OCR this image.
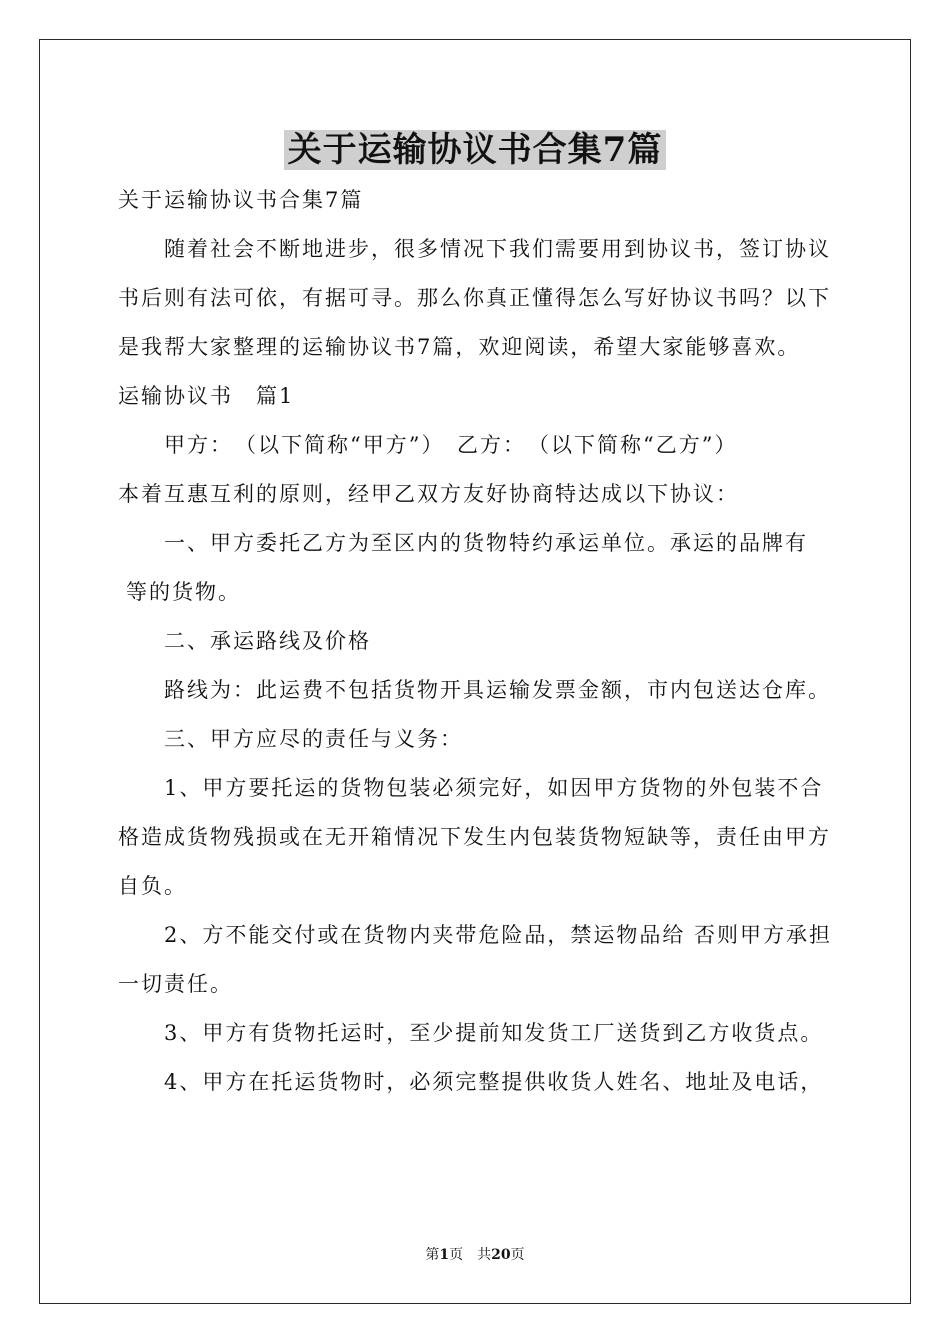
关于运输协议书合集7篇

关于运输协议书合集7篇

随着社会不断地进步，很多情况下我们需要用到协议书，签订协议书后则有法可依，有据可寻。那么你真正懂得怎么写好协议书吗？以下是我帮大家整理的运输协议书7篇，欢迎阅读，希望大家能够喜欢。

运输协议书　篇1

甲方：　（以下简称“甲方”）　乙方：　（以下简称“乙方”）

本着互惠互利的原则，经甲乙双方友好协商特达成以下协议：

一、甲方委托乙方为至区内的货物特约承运单位。承运的品牌有

等的货物。

二、承运路线及价格

路线为：此运费不包括货物开具运输发票金额，市内包送达仓库。

三、甲方应尽的责任与义务：

1、甲方要托运的货物包装必须完好，如因甲方货物的外包装不合格造成货物残损或在无开箱情况下发生内包装货物短缺等，责任由甲方自负。

2、方不能交付或在货物内夹带危险品，禁运物品给 否则甲方承担一切责任。

3、甲方有货物托运时，至少提前知发货工厂送货到乙方收货点。

4、甲方在托运货物时，必须完整提供收货人姓名、地址及电话，

第1页　共20页
